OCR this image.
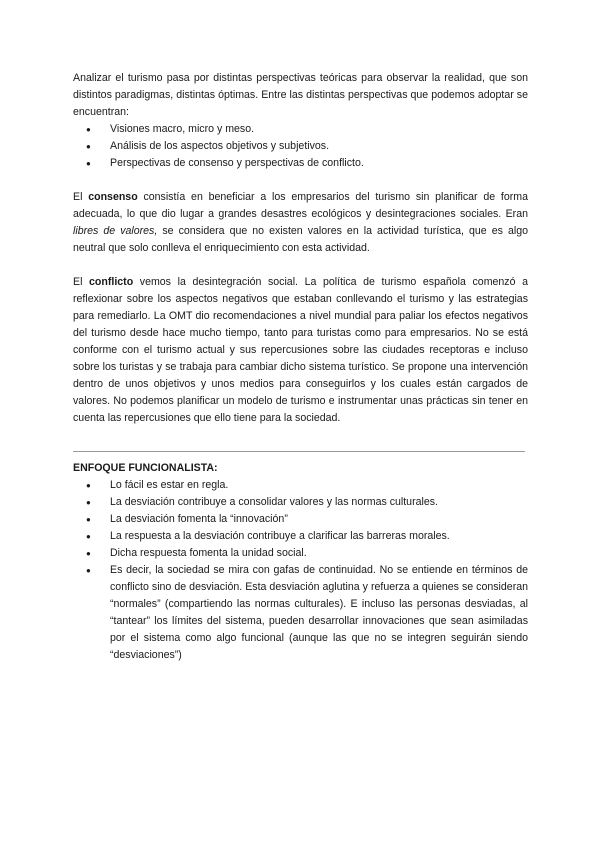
Analizar el turismo pasa por distintas perspectivas teóricas para observar la realidad, que son distintos paradigmas, distintas óptimas. Entre las distintas perspectivas que podemos adoptar se encuentran:

● Visiones macro, micro y meso.
● Análisis de los aspectos objetivos y subjetivos.
● Perspectivas de consenso y perspectivas de conflicto.

El consenso consistía en beneficiar a los empresarios del turismo sin planificar de forma adecuada, lo que dio lugar a grandes desastres ecológicos y desintegraciones sociales. Eran libres de valores, se considera que no existen valores en la actividad turística, que es algo neutral que solo conlleva el enriquecimiento con esta actividad.

El conflicto vemos la desintegración social. La política de turismo española comenzó a reflexionar sobre los aspectos negativos que estaban conllevando el turismo y las estrategias para remediarlo. La OMT dio recomendaciones a nivel mundial para paliar los efectos negativos del turismo desde hace mucho tiempo, tanto para turistas como para empresarios. No se está conforme con el turismo actual y sus repercusiones sobre las ciudades receptoras e incluso sobre los turistas y se trabaja para cambiar dicho sistema turístico. Se propone una intervención dentro de unos objetivos y unos medios para conseguirlos y los cuales están cargados de valores. No podemos planificar un modelo de turismo e instrumentar unas prácticas sin tener en cuenta las repercusiones que ello tiene para la sociedad.

ENFOQUE FUNCIONALISTA:

● Lo fácil es estar en regla.
● La desviación contribuye a consolidar valores y las normas culturales.
● La desviación fomenta la “innovación”
● La respuesta a la desviación contribuye a clarificar las barreras morales.
● Dicha respuesta fomenta la unidad social.
● Es decir, la sociedad se mira con gafas de continuidad. No se entiende en términos de conflicto sino de desviación. Esta desviación aglutina y refuerza a quienes se consideran “normales” (compartiendo las normas culturales). E incluso las personas desviadas, al “tantear” los límites del sistema, pueden desarrollar innovaciones que sean asimiladas por el sistema como algo funcional (aunque las que no se integren seguirán siendo “desviaciones”)
